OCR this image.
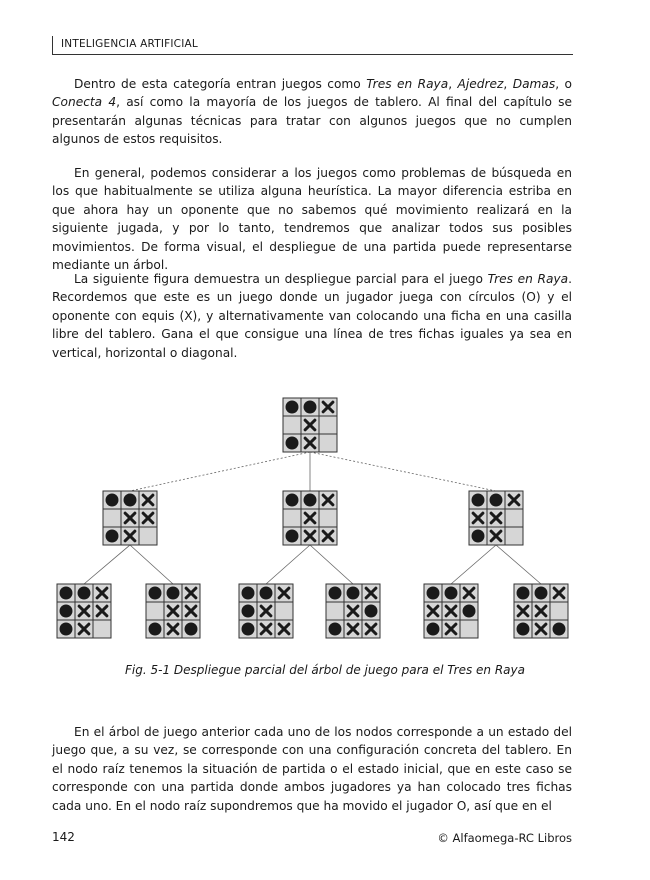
INTELIGENCIA ARTIFICIAL

Dentro de esta categoría entran juegos como Tres en Raya, Ajedrez, Damas, o Conecta 4, así como la mayoría de los juegos de tablero. Al final del capítulo se presentarán algunas técnicas para tratar con algunos juegos que no cumplen algunos de estos requisitos.

En general, podemos considerar a los juegos como problemas de búsqueda en los que habitualmente se utiliza alguna heurística. La mayor diferencia estriba en que ahora hay un oponente que no sabemos qué movimiento realizará en la siguiente jugada, y por lo tanto, tendremos que analizar todos sus posibles movimientos. De forma visual, el despliegue de una partida puede representarse mediante un árbol.

La siguiente figura demuestra un despliegue parcial para el juego Tres en Raya. Recordemos que este es un juego donde un jugador juega con círculos (O) y el oponente con equis (X), y alternativamente van colocando una ficha en una casilla libre del tablero. Gana el que consigue una línea de tres fichas iguales ya sea en vertical, horizontal o diagonal.

Fig. 5-1 Despliegue parcial del árbol de juego para el Tres en Raya

En el árbol de juego anterior cada uno de los nodos corresponde a un estado del juego que, a su vez, se corresponde con una configuración concreta del tablero. En el nodo raíz tenemos la situación de partida o el estado inicial, que en este caso se corresponde con una partida donde ambos jugadores ya han colocado tres fichas cada uno. En el nodo raíz supondremos que ha movido el jugador O, así que en el

142	© Alfaomega-RC Libros
